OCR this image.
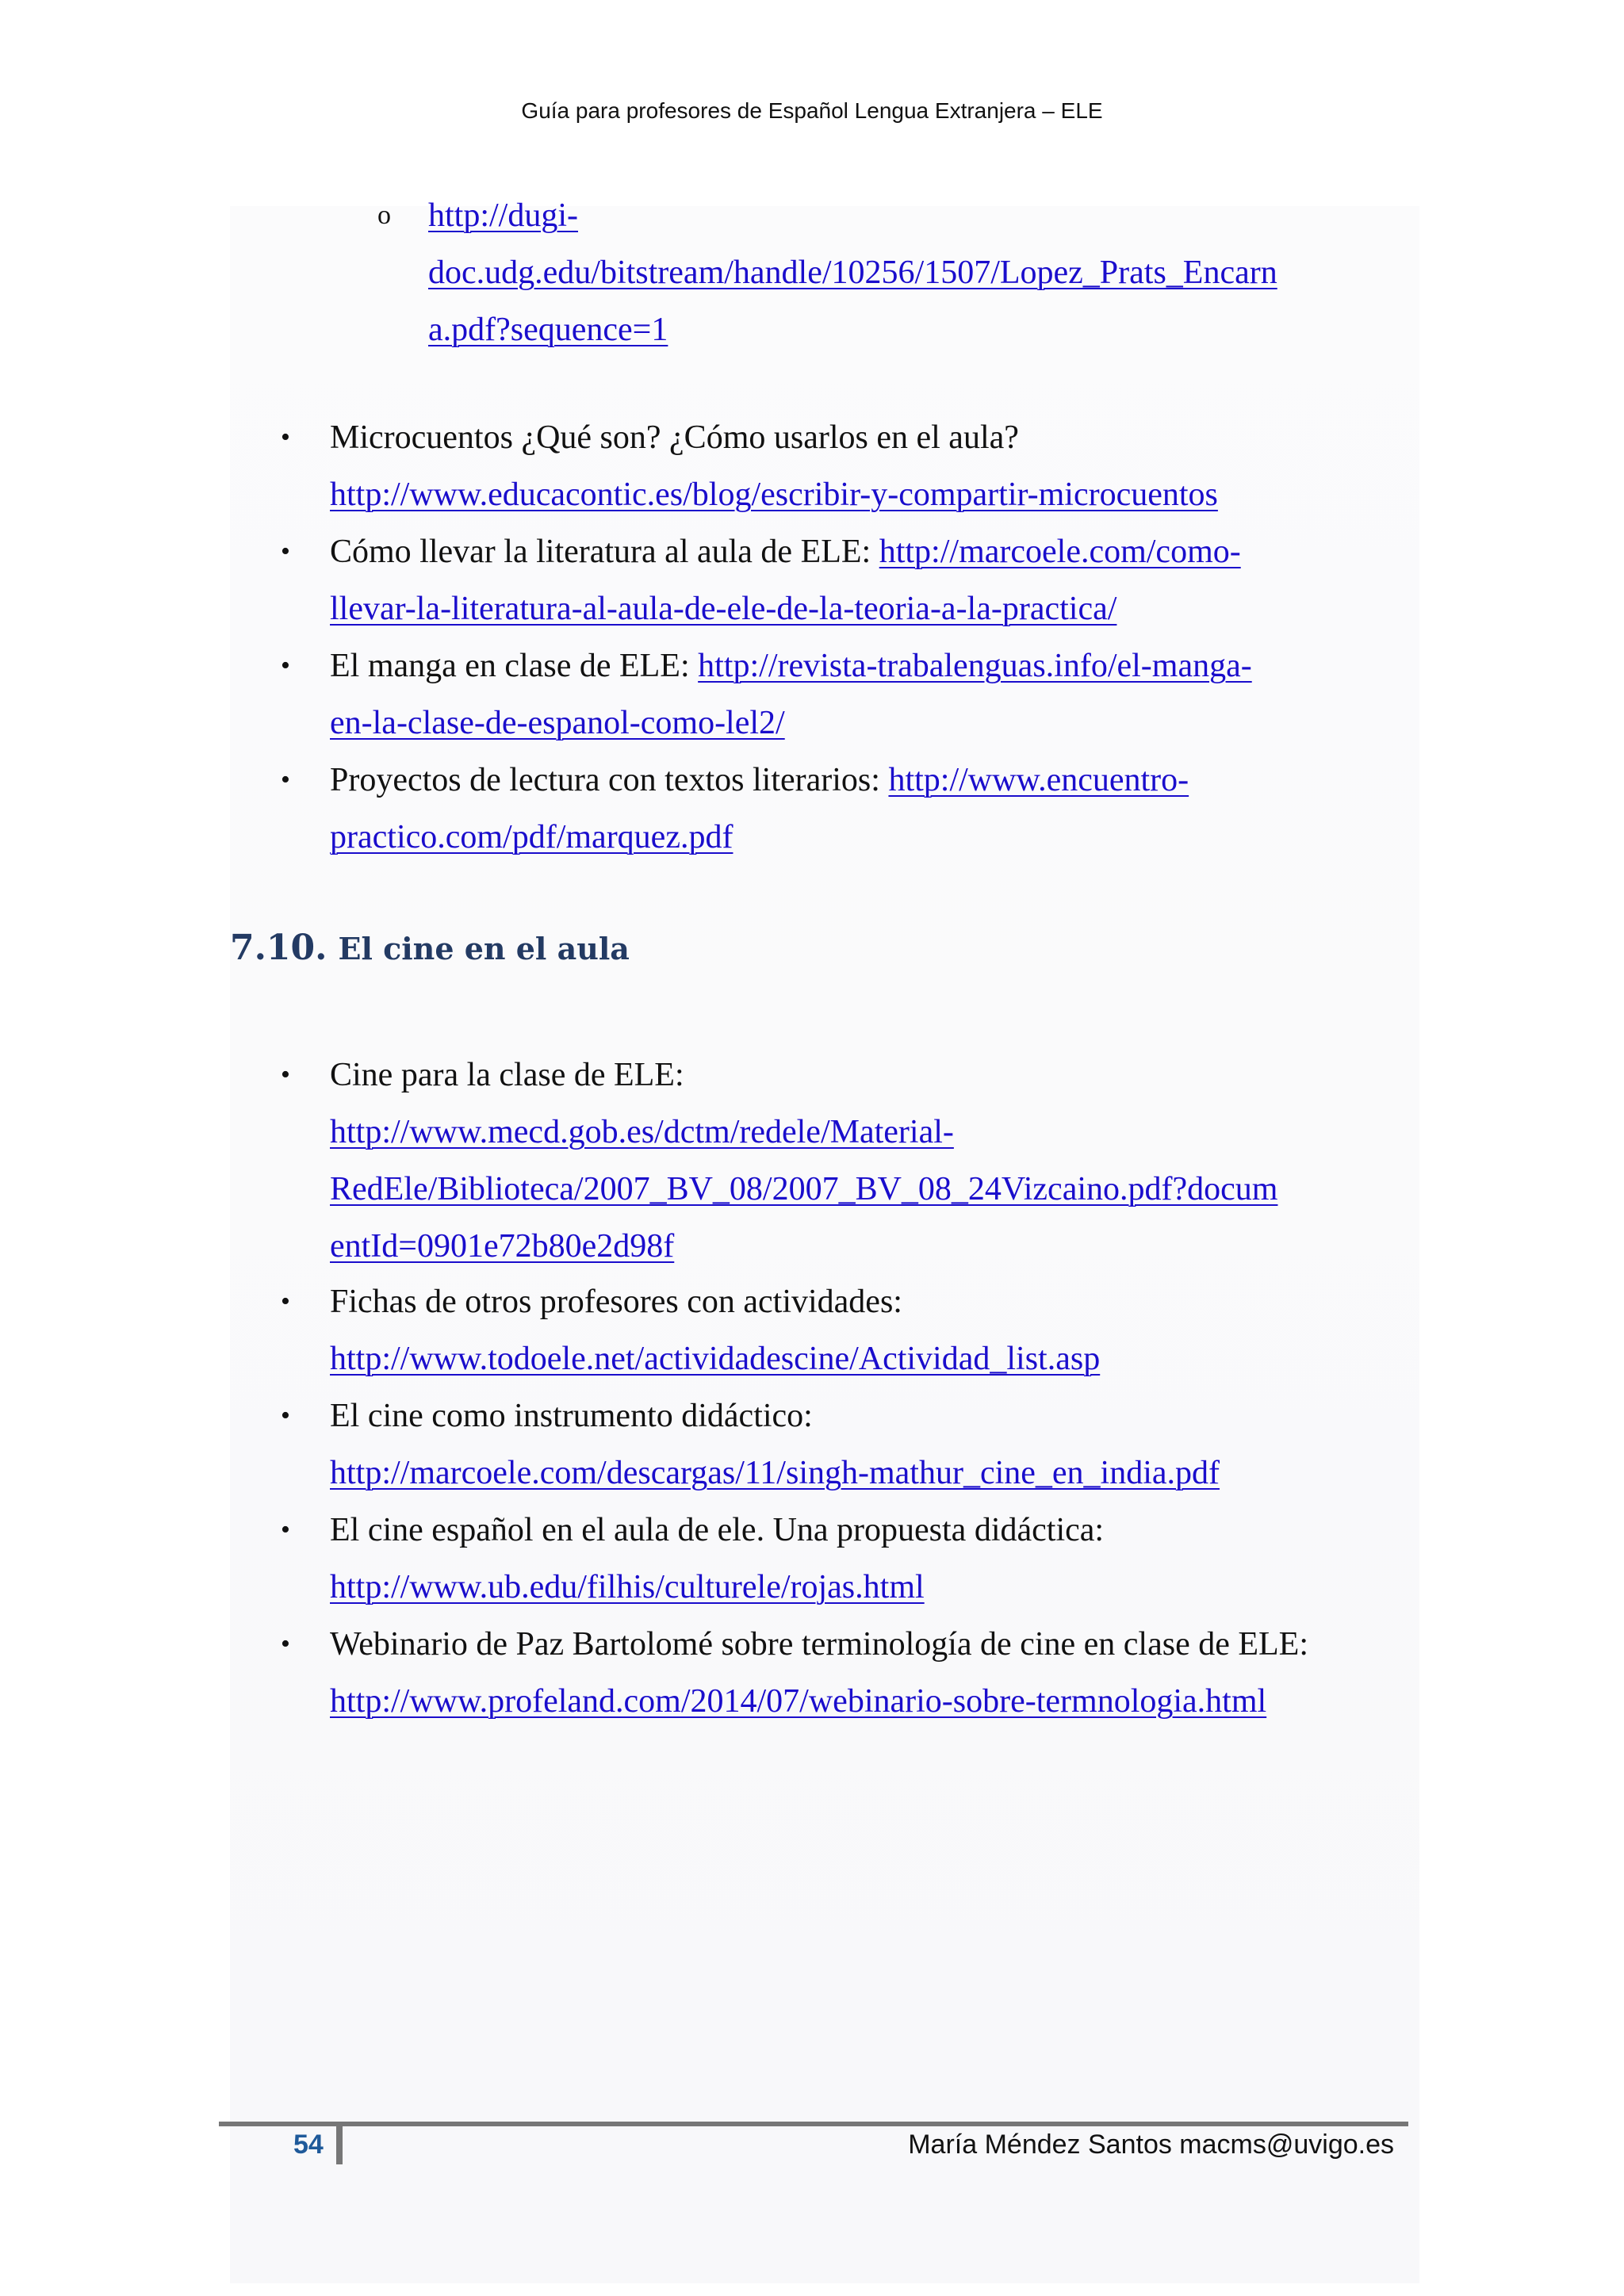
Guía para profesores de Español Lengua Extranjera – ELE
o http://dugi-
doc.udg.edu/bitstream/handle/10256/1507/Lopez_Prats_Encarn
a.pdf?sequence=1
• Microcuentos ¿Qué son? ¿Cómo usarlos en el aula?
http://www.educacontic.es/blog/escribir-y-compartir-microcuentos
• Cómo llevar la literatura al aula de ELE: http://marcoele.com/como-
llevar-la-literatura-al-aula-de-ele-de-la-teoria-a-la-practica/
• El manga en clase de ELE: http://revista-trabalenguas.info/el-manga-
en-la-clase-de-espanol-como-lel2/
• Proyectos de lectura con textos literarios: http://www.encuentro-
practico.com/pdf/marquez.pdf
7.10. El cine en el aula
• Cine para la clase de ELE:
http://www.mecd.gob.es/dctm/redele/Material-
RedEle/Biblioteca/2007_BV_08/2007_BV_08_24Vizcaino.pdf?docum
entId=0901e72b80e2d98f
• Fichas de otros profesores con actividades:
http://www.todoele.net/actividadescine/Actividad_list.asp
• El cine como instrumento didáctico:
http://marcoele.com/descargas/11/singh-mathur_cine_en_india.pdf
• El cine español en el aula de ele. Una propuesta didáctica:
http://www.ub.edu/filhis/culturele/rojas.html
• Webinario de Paz Bartolomé sobre terminología de cine en clase de ELE:
http://www.profeland.com/2014/07/webinario-sobre-termnologia.html
54	María Méndez Santos macms@uvigo.es
